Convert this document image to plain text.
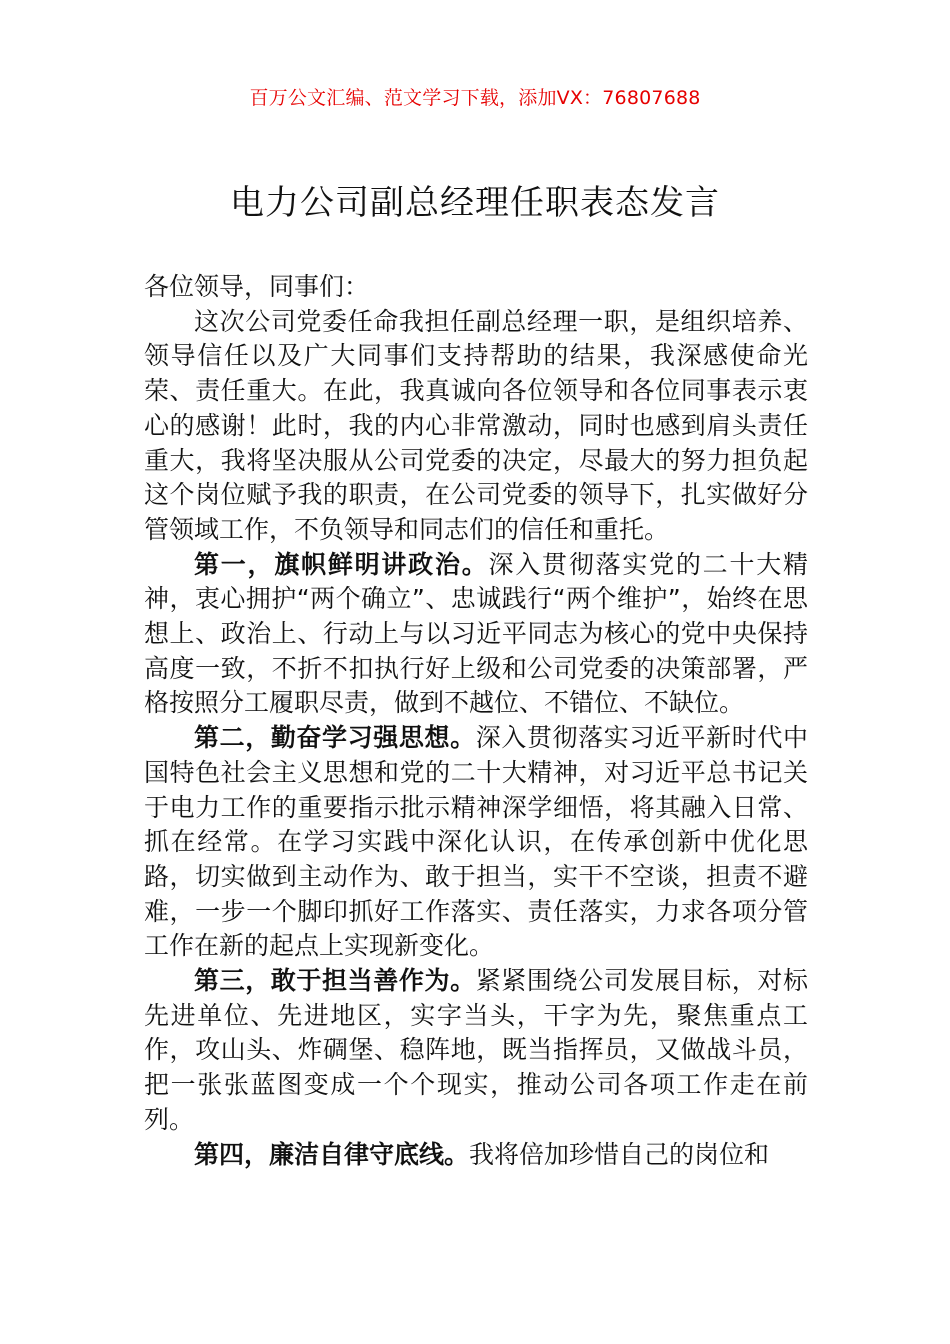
百万公文汇编、范文学习下载，添加VX：76807688
电力公司副总经理任职表态发言

各位领导，同事们：

这次公司党委任命我担任副总经理一职，是组织培养、领导信任以及广大同事们支持帮助的结果，我深感使命光荣、责任重大。在此，我真诚向各位领导和各位同事表示衷心的感谢！此时，我的内心非常激动，同时也感到肩头责任重大，我将坚决服从公司党委的决定，尽最大的努力担负起这个岗位赋予我的职责，在公司党委的领导下，扎实做好分管领域工作，不负领导和同志们的信任和重托。

第一，旗帜鲜明讲政治。深入贯彻落实党的二十大精神，衷心拥护“两个确立”、忠诚践行“两个维护”，始终在思想上、政治上、行动上与以习近平同志为核心的党中央保持高度一致，不折不扣执行好上级和公司党委的决策部署，严格按照分工履职尽责，做到不越位、不错位、不缺位。

第二，勤奋学习强思想。深入贯彻落实习近平新时代中国特色社会主义思想和党的二十大精神，对习近平总书记关于电力工作的重要指示批示精神深学细悟，将其融入日常、抓在经常。在学习实践中深化认识，在传承创新中优化思路，切实做到主动作为、敢于担当，实干不空谈，担责不避难，一步一个脚印抓好工作落实、责任落实，力求各项分管工作在新的起点上实现新变化。

第三，敢于担当善作为。紧紧围绕公司发展目标，对标先进单位、先进地区，实字当头，干字为先，聚焦重点工作，攻山头、炸碉堡、稳阵地，既当指挥员，又做战斗员，把一张张蓝图变成一个个现实，推动公司各项工作走在前列。

第四，廉洁自律守底线。我将倍加珍惜自己的岗位和
